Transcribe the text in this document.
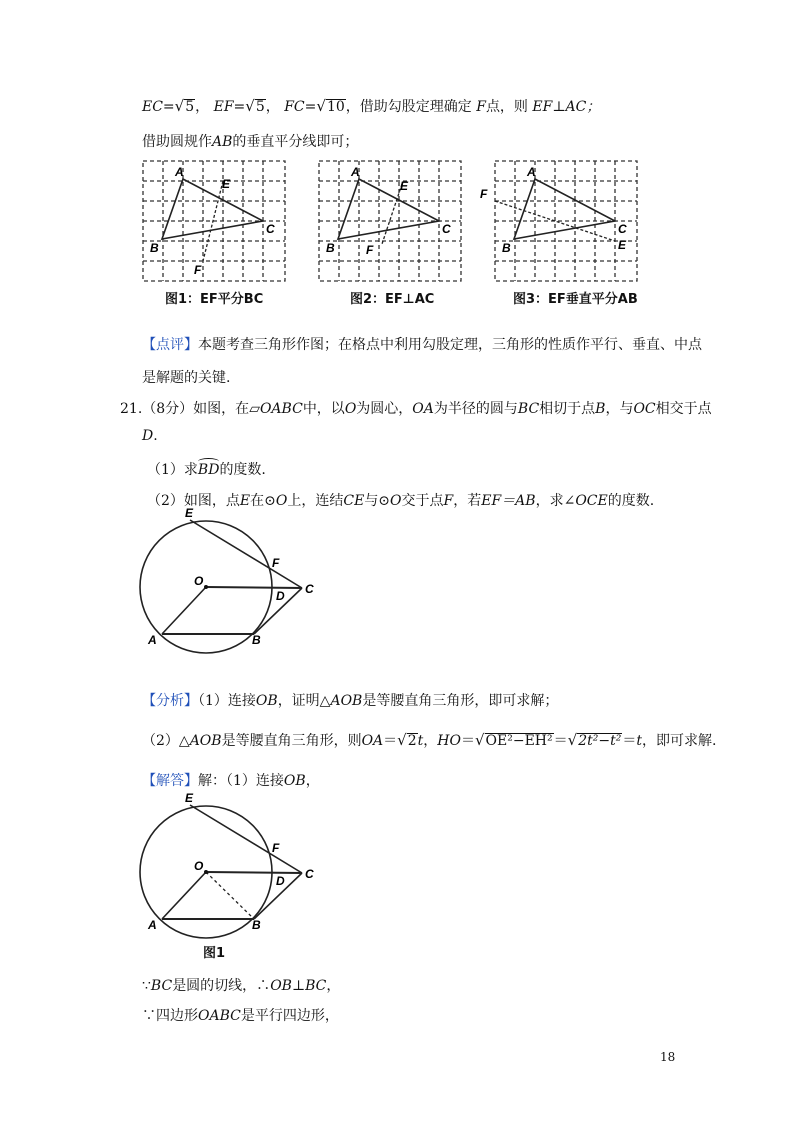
EC=√5， EF=√5， FC=√10，借助勾股定理确定 F点，则 EF⊥AC；
借助圆规作AB的垂直平分线即可；
A
E
B
C
F
图1：EF平分BC
A
E
B
C
F
图2：EF⊥AC
A
F
B
C
E
图3：EF垂直平分AB
【点评】本题考查三角形作图；在格点中利用勾股定理，三角形的性质作平行、垂直、中点
是解题的关键.
21.（8分）如图，在▱OABC中，以O为圆心，OA为半径的圆与BC相切于点B，与OC相交于点
D.
（1）求BD的度数.
（2）如图，点E在⊙O上，连结CE与⊙O交于点F，若EF＝AB，求∠OCE的度数.
E
F
O
D C
A	B
【分析】（1）连接OB，证明△AOB是等腰直角三角形，即可求解；
（2）△AOB是等腰直角三角形，则OA＝√2t，HO＝√OE²−EH²＝√2t²−t²＝t，即可求解.
【解答】解：（1）连接OB，
E
F
O
D C
A	B
图1
∵BC是圆的切线，∴OB⊥BC，
∵四边形OABC是平行四边形，
18
